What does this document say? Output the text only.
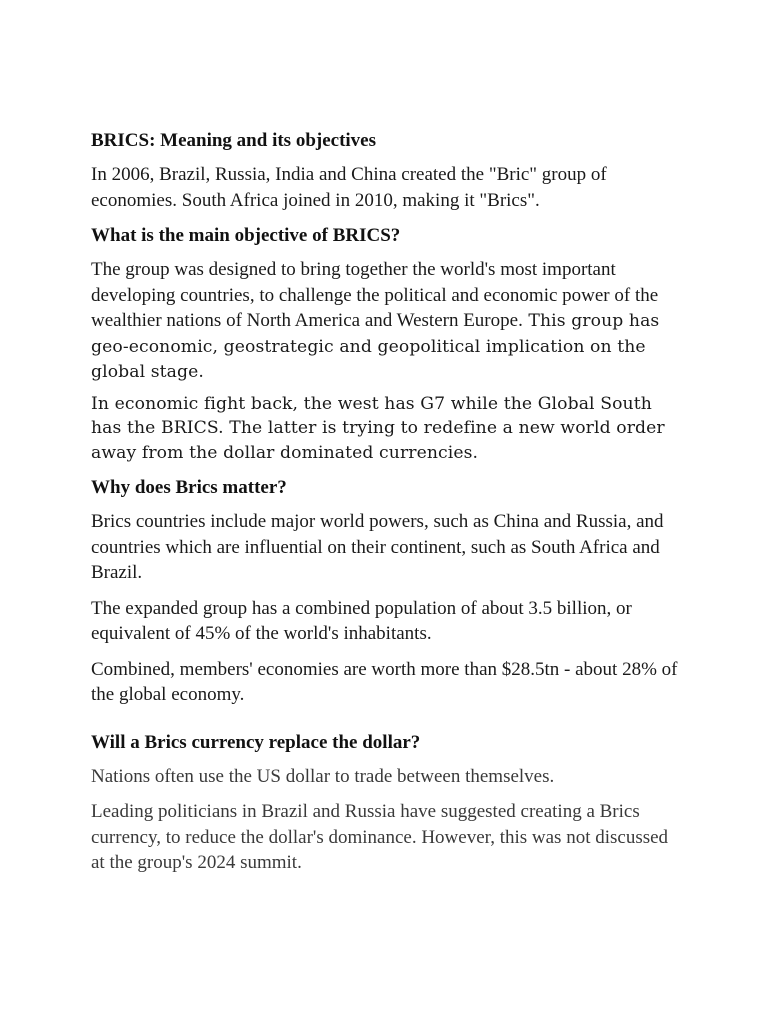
BRICS: Meaning and its objectives

In 2006, Brazil, Russia, India and China created the "Bric" group of economies. South Africa joined in 2010, making it "Brics".

What is the main objective of BRICS?

The group was designed to bring together the world's most important developing countries, to challenge the political and economic power of the wealthier nations of North America and Western Europe. This group has geo-economic, geostrategic and geopolitical implication on the global stage.

In economic fight back, the west has G7 while the Global South has the BRICS. The latter is trying to redefine a new world order away from the dollar dominated currencies.

Why does Brics matter?

Brics countries include major world powers, such as China and Russia, and countries which are influential on their continent, such as South Africa and Brazil.

The expanded group has a combined population of about 3.5 billion, or equivalent of 45% of the world's inhabitants.

Combined, members' economies are worth more than $28.5tn - about 28% of the global economy.

Will a Brics currency replace the dollar?

Nations often use the US dollar to trade between themselves.

Leading politicians in Brazil and Russia have suggested creating a Brics currency, to reduce the dollar's dominance. However, this was not discussed at the group's 2024 summit.
